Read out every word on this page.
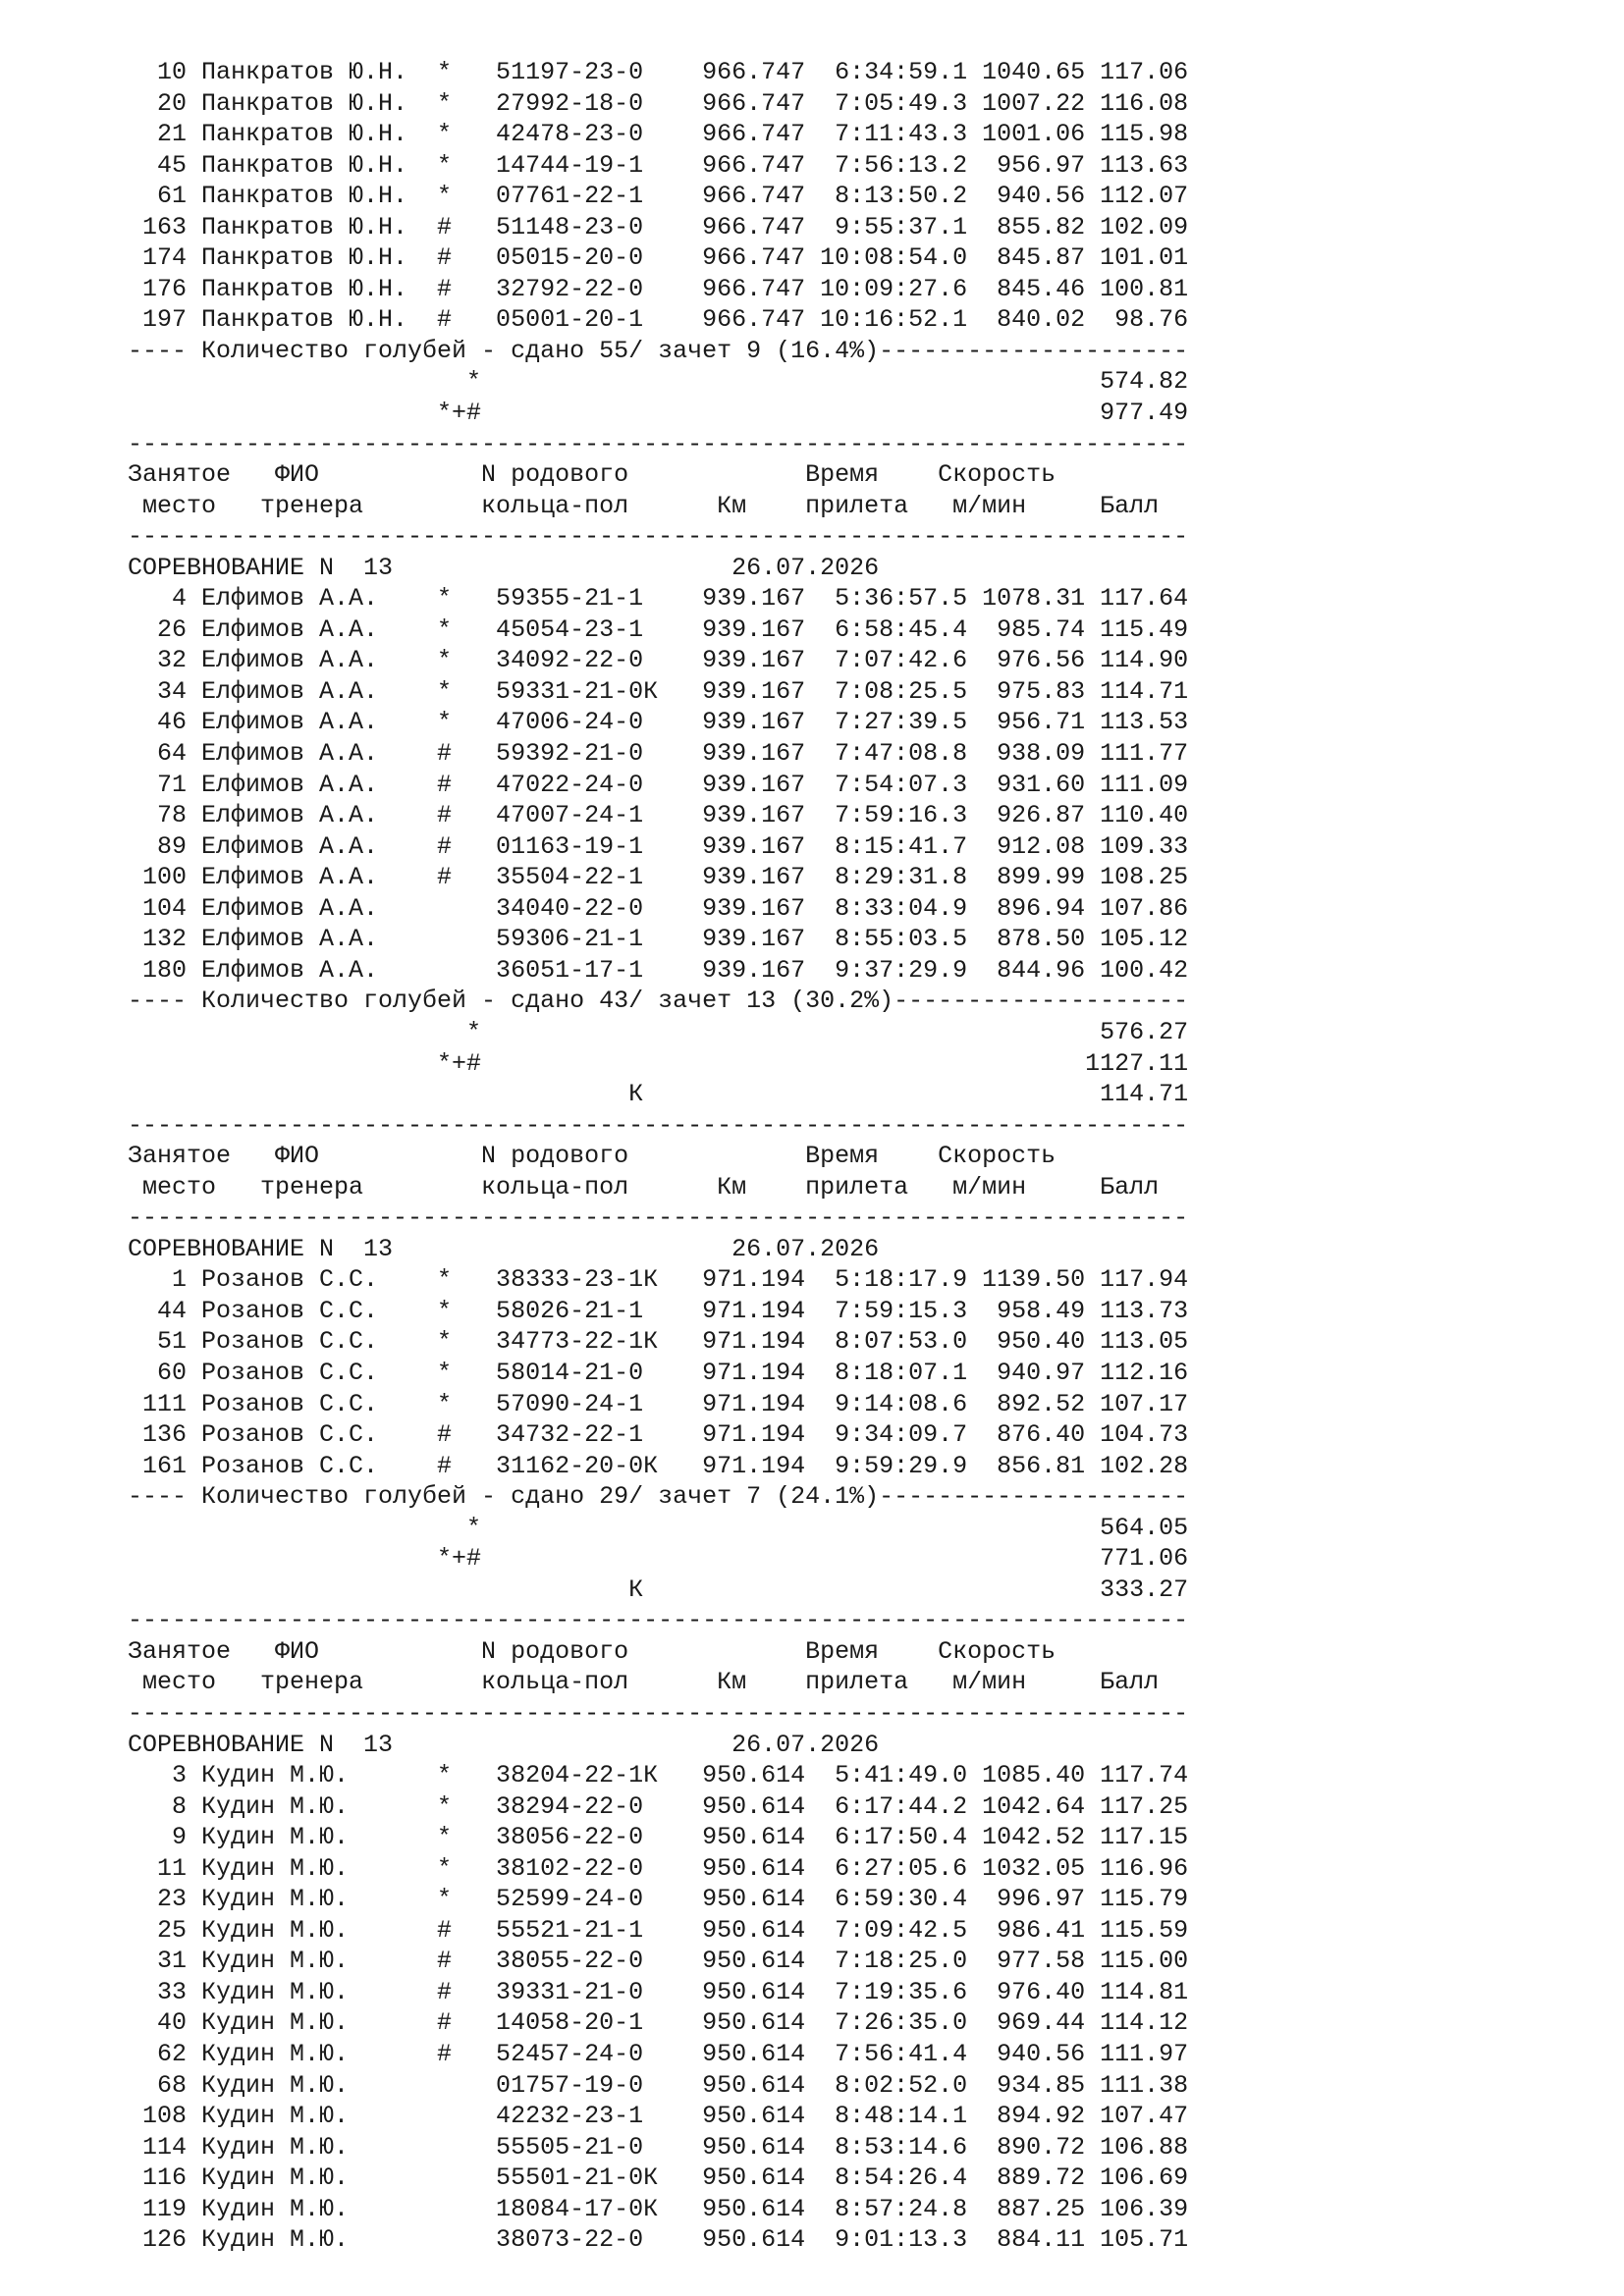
10 Панкратов Ю.Н.  *   51197-23-0    966.747  6:34:59.1 1040.65 117.06
20 Панкратов Ю.Н.  *   27992-18-0    966.747  7:05:49.3 1007.22 116.08
21 Панкратов Ю.Н.  *   42478-23-0    966.747  7:11:43.3 1001.06 115.98
45 Панкратов Ю.Н.  *   14744-19-1    966.747  7:56:13.2  956.97 113.63
61 Панкратов Ю.Н.  *   07761-22-1    966.747  8:13:50.2  940.56 112.07
163 Панкратов Ю.Н.  #   51148-23-0    966.747  9:55:37.1  855.82 102.09
174 Панкратов Ю.Н.  #   05015-20-0    966.747 10:08:54.0  845.87 101.01
176 Панкратов Ю.Н.  #   32792-22-0    966.747 10:09:27.6  845.46 100.81
197 Панкратов Ю.Н.  #   05001-20-1    966.747 10:16:52.1  840.02  98.76
---- Количество голубей - сдано 55/ зачет 9 (16.4%)---------------------
*                                          574.82
*+#                                          977.49
------------------------------------------------------------------------
Занятое   ФИО           N родового            Время    Скорость
место   тренера        кольца-пол      Км    прилета   м/мин     Балл
------------------------------------------------------------------------
СОРЕВНОВАНИЕ N  13                       26.07.2026
4 Елфимов А.А.    *   59355-21-1    939.167  5:36:57.5 1078.31 117.64
26 Елфимов А.А.    *   45054-23-1    939.167  6:58:45.4  985.74 115.49
32 Елфимов А.А.    *   34092-22-0    939.167  7:07:42.6  976.56 114.90
34 Елфимов А.А.    *   59331-21-0К   939.167  7:08:25.5  975.83 114.71
46 Елфимов А.А.    *   47006-24-0    939.167  7:27:39.5  956.71 113.53
64 Елфимов А.А.    #   59392-21-0    939.167  7:47:08.8  938.09 111.77
71 Елфимов А.А.    #   47022-24-0    939.167  7:54:07.3  931.60 111.09
78 Елфимов А.А.    #   47007-24-1    939.167  7:59:16.3  926.87 110.40
89 Елфимов А.А.    #   01163-19-1    939.167  8:15:41.7  912.08 109.33
100 Елфимов А.А.    #   35504-22-1    939.167  8:29:31.8  899.99 108.25
104 Елфимов А.А.        34040-22-0    939.167  8:33:04.9  896.94 107.86
132 Елфимов А.А.        59306-21-1    939.167  8:55:03.5  878.50 105.12
180 Елфимов А.А.        36051-17-1    939.167  9:37:29.9  844.96 100.42
---- Количество голубей - сдано 43/ зачет 13 (30.2%)--------------------
*                                          576.27
*+#                                         1127.11
К                               114.71
------------------------------------------------------------------------
Занятое   ФИО           N родового            Время    Скорость
место   тренера        кольца-пол      Км    прилета   м/мин     Балл
------------------------------------------------------------------------
СОРЕВНОВАНИЕ N  13                       26.07.2026
1 Розанов С.С.    *   38333-23-1К   971.194  5:18:17.9 1139.50 117.94
44 Розанов С.С.    *   58026-21-1    971.194  7:59:15.3  958.49 113.73
51 Розанов С.С.    *   34773-22-1К   971.194  8:07:53.0  950.40 113.05
60 Розанов С.С.    *   58014-21-0    971.194  8:18:07.1  940.97 112.16
111 Розанов С.С.    *   57090-24-1    971.194  9:14:08.6  892.52 107.17
136 Розанов С.С.    #   34732-22-1    971.194  9:34:09.7  876.40 104.73
161 Розанов С.С.    #   31162-20-0К   971.194  9:59:29.9  856.81 102.28
---- Количество голубей - сдано 29/ зачет 7 (24.1%)---------------------
*                                          564.05
*+#                                          771.06
К                               333.27
------------------------------------------------------------------------
Занятое   ФИО           N родового            Время    Скорость
место   тренера        кольца-пол      Км    прилета   м/мин     Балл
------------------------------------------------------------------------
СОРЕВНОВАНИЕ N  13                       26.07.2026
3 Кудин М.Ю.      *   38204-22-1К   950.614  5:41:49.0 1085.40 117.74
8 Кудин М.Ю.      *   38294-22-0    950.614  6:17:44.2 1042.64 117.25
9 Кудин М.Ю.      *   38056-22-0    950.614  6:17:50.4 1042.52 117.15
11 Кудин М.Ю.      *   38102-22-0    950.614  6:27:05.6 1032.05 116.96
23 Кудин М.Ю.      *   52599-24-0    950.614  6:59:30.4  996.97 115.79
25 Кудин М.Ю.      #   55521-21-1    950.614  7:09:42.5  986.41 115.59
31 Кудин М.Ю.      #   38055-22-0    950.614  7:18:25.0  977.58 115.00
33 Кудин М.Ю.      #   39331-21-0    950.614  7:19:35.6  976.40 114.81
40 Кудин М.Ю.      #   14058-20-1    950.614  7:26:35.0  969.44 114.12
62 Кудин М.Ю.      #   52457-24-0    950.614  7:56:41.4  940.56 111.97
68 Кудин М.Ю.          01757-19-0    950.614  8:02:52.0  934.85 111.38
108 Кудин М.Ю.          42232-23-1    950.614  8:48:14.1  894.92 107.47
114 Кудин М.Ю.          55505-21-0    950.614  8:53:14.6  890.72 106.88
116 Кудин М.Ю.          55501-21-0К   950.614  8:54:26.4  889.72 106.69
119 Кудин М.Ю.          18084-17-0К   950.614  8:57:24.8  887.25 106.39
126 Кудин М.Ю.          38073-22-0    950.614  9:01:13.3  884.11 105.71
